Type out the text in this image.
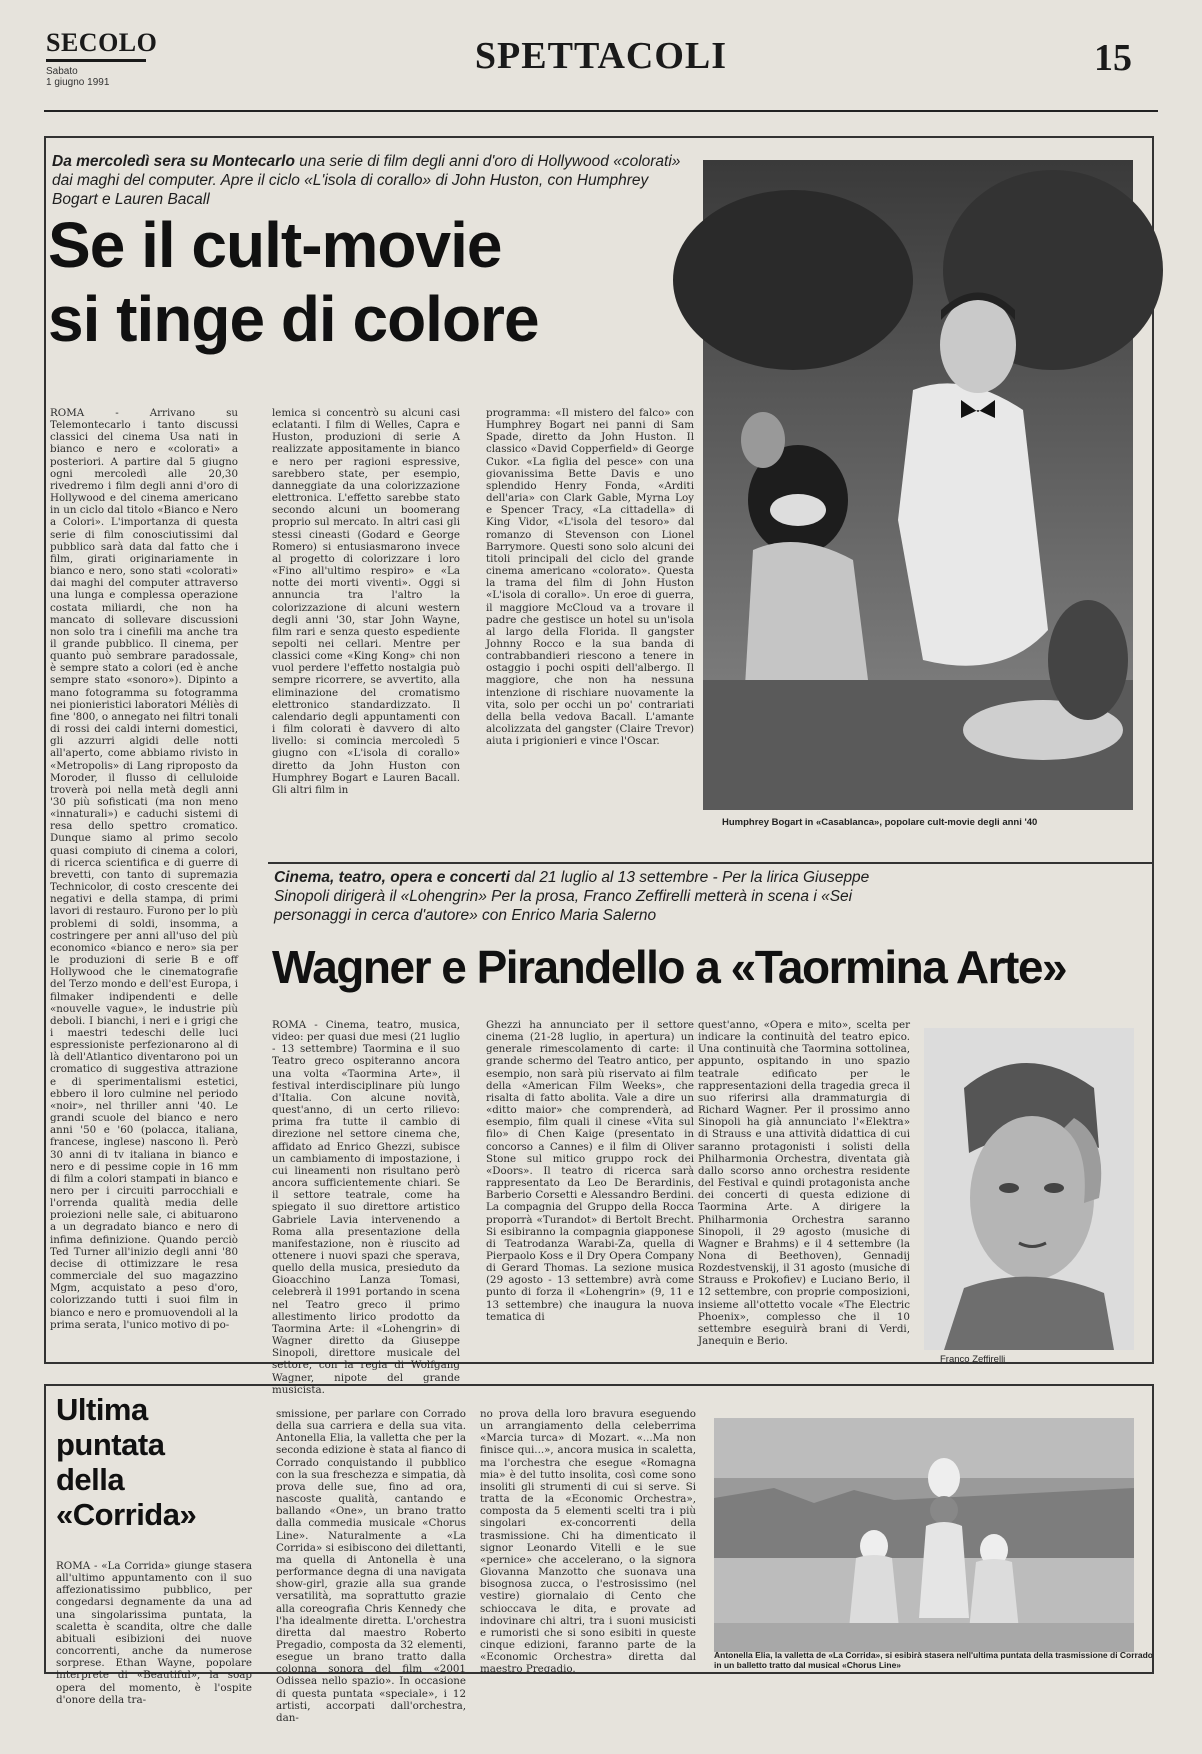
SECOLO
Sabato
1 giugno 1991
SPETTACOLI	15
Da mercoledì sera su Montecarlo una serie di film degli anni d'oro di Hollywood «colorati» dai maghi del computer. Apre il ciclo «L'isola di corallo» di John Huston, con Humphrey Bogart e Lauren Bacall
Se il cult-movie
si tinge di colore
ROMA - Arrivano su Telemontecarlo i tanto discussi classici del cinema Usa nati in bianco e nero e «colorati» a posteriori. A partire dal 5 giugno ogni mercoledì alle 20,30 rivedremo i film degli anni d'oro di Hollywood e del cinema americano in un ciclo dal titolo «Bianco e Nero a Colori». L'importanza di questa serie di film conosciutissimi dal pubblico sarà data dal fatto che i film, girati originariamente in bianco e nero, sono stati «colorati» dai maghi del computer attraverso una lunga e complessa operazione costata miliardi, che non ha mancato di sollevare discussioni non solo tra i cinefili ma anche tra il grande pubblico. Il cinema, per quanto può sembrare paradossale, è sempre stato a colori (ed è anche sempre stato «sonoro»). Dipinto a mano fotogramma su fotogramma nei pionieristici laboratori Méliès di fine '800, o annegato nei filtri tonali di rossi dei caldi interni domestici, gli azzurri algidi delle notti all'aperto, come abbiamo rivisto in «Metropolis» di Lang riproposto da Moroder, il flusso di celluloide troverà poi nella metà degli anni '30 più sofisticati (ma non meno «innaturali») e caduchi sistemi di resa dello spettro cromatico. Dunque siamo al primo secolo quasi compiuto di cinema a colori, di ricerca scientifica e di guerre di brevetti, con tanto di supremazia Technicolor, di costo crescente dei negativi e della stampa, di primi lavori di restauro. Furono per lo più problemi di soldi, insomma, a costringere per anni all'uso del più economico «bianco e nero» sia per le produzioni di serie B e off Hollywood che le cinematografie del Terzo mondo e dell'est Europa, i filmaker indipendenti e delle «nouvelle vague», le industrie più deboli. I bianchi, i neri e i grigi che i maestri tedeschi delle luci espressioniste perfezionarono al di là dell'Atlantico diventarono poi un cromatico di suggestiva attrazione e di sperimentalismi estetici, ebbero il loro culmine nel periodo «noir», nel thriller anni '40. Le grandi scuole del bianco e nero anni '50 e '60 (polacca, italiana, francese, inglese) nascono lì. Però 30 anni di tv italiana in bianco e nero e di pessime copie in 16 mm di film a colori stampati in bianco e nero per i circuiti parrocchiali e l'orrenda qualità media delle proiezioni nelle sale, ci abituarono a un degradato bianco e nero di infima definizione. Quando perciò Ted Turner all'inizio degli anni '80 decise di ottimizzare le resa commerciale del suo magazzino Mgm, acquistato a peso d'oro, colorizzando tutti i suoi film in bianco e nero e promuovendoli al la prima serata, l'unico motivo di po-
lemica si concentrò su alcuni casi eclatanti. I film di Welles, Capra e Huston, produzioni di serie A realizzate appositamente in bianco e nero per ragioni espressive, sarebbero state, per esempio, danneggiate da una colorizzazione elettronica. L'effetto sarebbe stato secondo alcuni un boomerang proprio sul mercato. In altri casi gli stessi cineasti (Godard e George Romero) si entusiasmarono invece al progetto di colorizzare i loro «Fino all'ultimo respiro» e «La notte dei morti viventi». Oggi si annuncia tra l'altro la colorizzazione di alcuni western degli anni '30, star John Wayne, film rari e senza questo espediente sepolti nei cellari. Mentre per classici come «King Kong» chi non vuol perdere l'effetto nostalgia può sempre ricorrere, se avvertito, alla eliminazione del cromatismo elettronico standardizzato. Il calendario degli appuntamenti con i film colorati è davvero di alto livello: si comincia mercoledì 5 giugno con «L'isola di corallo» diretto da John Huston con Humphrey Bogart e Lauren Bacall. Gli altri film in
programma: «Il mistero del falco» con Humphrey Bogart nei panni di Sam Spade, diretto da John Huston. Il classico «David Copperfield» di George Cukor. «La figlia del pesce» con una giovanissima Bette Davis e uno splendido Henry Fonda, «Arditi dell'aria» con Clark Gable, Myrna Loy e Spencer Tracy, «La cittadella» di King Vidor, «L'isola del tesoro» dal romanzo di Stevenson con Lionel Barrymore. Questi sono solo alcuni dei titoli principali del ciclo del grande cinema americano «colorato». Questa la trama del film di John Huston «L'isola di corallo». Un eroe di guerra, il maggiore McCloud va a trovare il padre che gestisce un hotel su un'isola al largo della Florida. Il gangster Johnny Rocco e la sua banda di contrabbandieri riescono a tenere in ostaggio i pochi ospiti dell'albergo. Il maggiore, che non ha nessuna intenzione di rischiare nuovamente la vita, solo per occhi un po' contrariati della bella vedova Bacall. L'amante alcolizzata del gangster (Claire Trevor) aiuta i prigionieri e vince l'Oscar.
Humphrey Bogart in «Casablanca», popolare cult-movie degli anni '40
Cinema, teatro, opera e concerti dal 21 luglio al 13 settembre - Per la lirica Giuseppe Sinopoli dirigerà il «Lohengrin» Per la prosa, Franco Zeffirelli metterà in scena i «Sei personaggi in cerca d'autore» con Enrico Maria Salerno
Wagner e Pirandello a «Taormina Arte»
ROMA - Cinema, teatro, musica, video: per quasi due mesi (21 luglio - 13 settembre) Taormina e il suo Teatro greco ospiteranno ancora una volta «Taormina Arte», il festival interdisciplinare più lungo d'Italia. Con alcune novità, quest'anno, di un certo rilievo: prima fra tutte il cambio di direzione nel settore cinema che, affidato ad Enrico Ghezzi, subisce un cambiamento di impostazione, i cui lineamenti non risultano però ancora sufficientemente chiari. Se il settore teatrale, come ha spiegato il suo direttore artistico Gabriele Lavia intervenendo a Roma alla presentazione della manifestazione, non è riuscito ad ottenere i nuovi spazi che sperava, quello della musica, presieduto da Gioacchino Lanza Tomasi, celebrerà il 1991 portando in scena nel Teatro greco il primo allestimento lirico prodotto da Taormina Arte: il «Lohengrin» di Wagner diretto da Giuseppe Sinopoli, direttore musicale del settore, con la regia di Wolfgang Wagner, nipote del grande musicista.
Ghezzi ha annunciato per il settore cinema (21-28 luglio, in apertura) un generale rimescolamento di carte: il grande schermo del Teatro antico, per esempio, non sarà più riservato ai film della «American Film Weeks», che risalta di fatto abolita. Vale a dire un «ditto maior» che comprenderà, ad esempio, film quali il cinese «Vita sul filo» di Chen Kaige (presentato in concorso a Cannes) e il film di Oliver Stone sul mitico gruppo rock dei «Doors». Il teatro di ricerca sarà rappresentato da Leo De Berardinis, Barberio Corsetti e Alessandro Berdini. La compagnia del Gruppo della Rocca proporrà «Turandot» di Bertolt Brecht. Si esibiranno la compagnia giapponese di Teatrodanza Warabi-Za, quella di Pierpaolo Koss e il Dry Opera Company di Gerard Thomas. La sezione musica (29 agosto - 13 settembre) avrà come punto di forza il «Lohengrin» (9, 11 e 13 settembre) che inaugura la nuova tematica di
quest'anno, «Opera e mito», scelta per indicare la continuità del teatro epico. Una continuità che Taormina sottolinea, appunto, ospitando in uno spazio teatrale edificato per le rappresentazioni della tragedia greca il suo riferirsi alla drammaturgia di Richard Wagner. Per il prossimo anno Sinopoli ha già annunciato l'«Elektra» di Strauss e una attività didattica di cui saranno protagonisti i solisti della Philharmonia Orchestra, diventata già dallo scorso anno orchestra residente del Festival e quindi protagonista anche dei concerti di questa edizione di Taormina Arte. A dirigere la Philharmonia Orchestra saranno Sinopoli, il 29 agosto (musiche di Wagner e Brahms) e il 4 settembre (la Nona di Beethoven), Gennadij Rozdestvenskij, il 31 agosto (musiche di Strauss e Prokofiev) e Luciano Berio, il 12 settembre, con proprie composizioni, insieme all'ottetto vocale «The Electric Phoenix», complesso che il 10 settembre eseguirà brani di Verdi, Janequin e Berio.
Franco Zeffirelli
Ultima
puntata
della
«Corrida»
ROMA - «La Corrida» giunge stasera all'ultimo appuntamento con il suo affezionatissimo pubblico, per congedarsi degnamente da una ad una singolarissima puntata, la scaletta è scandita, oltre che dalle abituali esibizioni dei nuove concorrenti, anche da numerose sorprese. Ethan Wayne, popolare interprete di «Beautiful», la soap opera del momento, è l'ospite d'onore della tra-
smissione, per parlare con Corrado della sua carriera e della sua vita. Antonella Elia, la valletta che per la seconda edizione è stata al fianco di Corrado conquistando il pubblico con la sua freschezza e simpatia, dà prova delle sue, fino ad ora, nascoste qualità, cantando e ballando «One», un brano tratto dalla commedia musicale «Chorus Line». Naturalmente a «La Corrida» si esibiscono dei dilettanti, ma quella di Antonella è una performance degna di una navigata show-girl, grazie alla sua grande versatilità, ma soprattutto grazie alla coreografia Chris Kennedy che l'ha idealmente diretta. L'orchestra diretta dal maestro Roberto Pregadio, composta da 32 elementi, esegue un brano tratto dalla colonna sonora del film «2001 Odissea nello spazio». In occasione di questa puntata «speciale», i 12 artisti, accorpati dall'orchestra, dan-
no prova della loro bravura eseguendo un arrangiamento della celeberrima «Marcia turca» di Mozart. «...Ma non finisce qui...», ancora musica in scaletta, ma l'orchestra che esegue «Romagna mia» è del tutto insolita, così come sono insoliti gli strumenti di cui si serve. Si tratta de la «Economic Orchestra», composta da 5 elementi scelti tra i più singolari ex-concorrenti della trasmissione. Chi ha dimenticato il signor Leonardo Vitelli e le sue «pernice» che accelerano, o la signora Giovanna Manzotto che suonava una bisognosa zucca, o l'estrosissimo (nel vestire) giornalaio di Cento che schioccava le dita, e provate ad indovinare chi altri, tra i suoni musicisti e rumoristi che si sono esibiti in queste cinque edizioni, faranno parte de la «Economic Orchestra» diretta dal maestro Pregadio.
Antonella Elia, la valletta de «La Corrida», si esibirà stasera nell'ultima puntata della trasmissione di Corrado in un balletto tratto dal musical «Chorus Line»
